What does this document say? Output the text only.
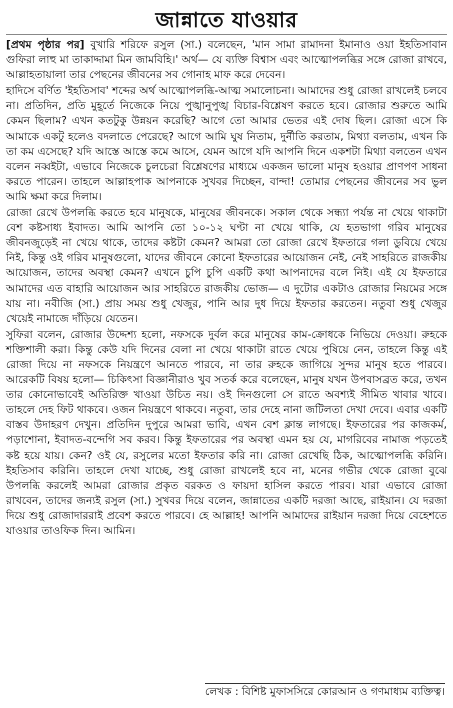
জান্নাতে যাওয়ার

[প্রথম পৃষ্ঠার পর] বুখারি শরিফে রসুল (সা.) বলেছেন, 'মান সামা রামাদনা ইমানাও ওয়া ইহতিসাবান গুফিরা লাহু মা তাকাদ্দামা মিন জামবিহি।' অর্থ— যে ব্যক্তি বিশ্বাস এবং আত্মোপলব্ধির সঙ্গে রোজা রাখবে, আল্লাহতায়ালা তার পেছনের জীবনের সব গোনাহ মাফ করে দেবেন।

হাদিসে বর্ণিত 'ইহতিসাব' শব্দের অর্থ আত্মোপলব্ধি-আত্ম সমালোচনা। আমাদের শুধু রোজা রাখলেই চলবে না। প্রতিদিন, প্রতি মুহূর্তে নিজেকে নিয়ে পুঙ্খানুপুঙ্খ বিচার-বিশ্লেষণ করতে হবে। রোজার শুরুতে আমি কেমন ছিলাম? এখন কতটুকু উন্নয়ন করেছি? আগে তো আমার ভেতর এই দোষ ছিল। রোজা এসে কি আমাকে একটু হলেও বদলাতে পেরেছে? আগে আমি ঘুষ নিতাম, দুর্নীতি করতাম, মিথ্যা বলতাম, এখন কি তা কম এসেছে? যদি আস্তে আস্তে কমে আসে, যেমন আগে যদি আপনি দিনে একশটা মিথ্যা বলতেন এখন বলেন নব্বইটা, এভাবে নিজেকে চুলচেরা বিশ্লেষণের মাধ্যমে একজন ভালো মানুষ হওয়ার প্রাণপণ সাধনা করতে পারেন। তাহলে আল্লাহপাক আপনাকে সুখবর দিচ্ছেন, বান্দা! তোমার পেছনের জীবনের সব ভুল আমি ক্ষমা করে দিলাম।

রোজা রেখে উপলব্ধি করতে হবে মানুষকে, মানুষের জীবনকে। সকাল থেকে সন্ধ্যা পর্যন্ত না খেয়ে থাকাটা বেশ কষ্টসাধ্য ইবাদত। আমি আপনি তো ১০-১২ ঘণ্টা না খেয়ে থাকি, যে হতভাগা গরিব মানুষের জীবনজুড়েই না খেয়ে থাকে, তাদের কষ্টটা কেমন? আমরা তো রোজা রেখে ইফতারে গলা ডুবিয়ে খেয়ে নিই, কিন্তু ওই গরিব মানুষগুলো, যাদের জীবনে কোনো ইফতারের আয়োজন নেই, নেই সাহরিতে রাজকীয় আয়োজন, তাদের অবস্থা কেমন? এখনে চুপি চুপি একটি কথা আপনাদের বলে নিই। এই যে ইফতারে আমাদের এত বাহারি আয়োজন আর সাহরিতে রাজকীয় ভোজ— এ দুটোর একটাও রোজার নিয়মের সঙ্গে যায় না। নবীজি (সা.) প্রায় সময় শুধু খেজুর, পানি আর দুধ দিয়ে ইফতার করতেন। নতুবা শুধু খেজুর খেয়েই নামাজে দাঁড়িয়ে যেতেন।

সুফিরা বলেন, রোজার উদ্দেশ্য হলো, নফসকে দুর্বল করে মানুষের কাম-ক্রোধকে নিভিয়ে দেওয়া। রুহকে শক্তিশালী করা। কিন্তু কেউ যদি দিনের বেলা না খেয়ে থাকাটা রাতে খেয়ে পুষিয়ে নেন, তাহলে কিন্তু এই রোজা দিয়ে না নফসকে নিয়ন্ত্রণে আনতে পারবে, না তার রুহকে জাগিয়ে সুন্দর মানুষ হতে পারবে। আরেকটি বিষয় হলো— চিকিৎসা বিজ্ঞানীরাও খুব সতর্ক করে বলেছেন, মানুষ যখন উপবাসব্রত করে, তখন তার কোনোভাবেই অতিরিক্ত খাওয়া উচিত নয়। ওই দিনগুলো সে রাতে অবশ্যই সীমিত খাবার খাবে। তাহলে দেহ ফিট থাকবে। ওজন নিয়ন্ত্রণে থাকবে। নতুবা, তার দেহে নানা জটিলতা দেখা দেবে। এবার একটি বাস্তব উদাহরণ দেখুন। প্রতিদিন দুপুরে আমরা ভাবি, এখন বেশ ক্লান্ত লাগছে। ইফতারের পর কাজকর্ম, পড়াশোনা, ইবাদত-বন্দেগি সব করব। কিন্তু ইফতারের পর অবস্থা এমন হয় যে, মাগরিবের নামাজ পড়তেই কষ্ট হয়ে যায়। কেন? ওই যে, রসুলের মতো ইফতার করি না। রোজা রেখেছি ঠিক, আত্মোপলব্ধি করিনি। ইহতিসাব করিনি। তাহলে দেখা যাচ্ছে, শুধু রোজা রাখলেই হবে না, মনের গভীর থেকে রোজা বুঝে উপলব্ধি করলেই আমরা রোজার প্রকৃত বরকত ও ফায়দা হাসিল করতে পারব। যারা এভাবে রোজা রাখবেন, তাদের জন্যই রসুল (সা.) সুখবর দিয়ে বলেন, জান্নাতের একটি দরজা আছে, রাইয়ান। যে দরজা দিয়ে শুধু রোজাদাররাই প্রবেশ করতে পারবে। হে আল্লাহ! আপনি আমাদের রাইয়ান দরজা দিয়ে বেহেশতে যাওয়ার তাওফিক দিন। আমিন।

লেখক : বিশিষ্ট মুফাসসিরে কোরআন ও গণমাধ্যম ব্যক্তিত্ব।
